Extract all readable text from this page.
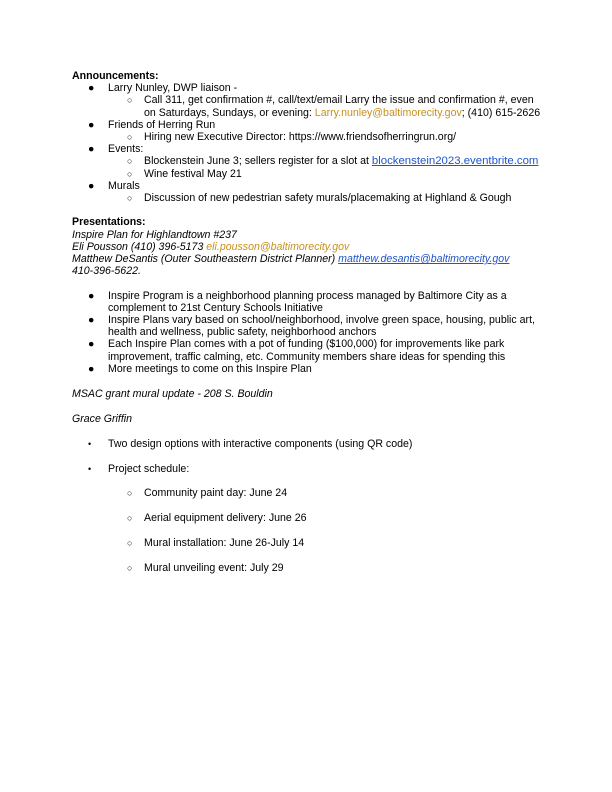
Announcements:
● Larry Nunley, DWP liaison -
○ Call 311, get confirmation #, call/text/email Larry the issue and confirmation #, even on Saturdays, Sundays, or evening: Larry.nunley@baltimorecity.gov; (410) 615-2626
● Friends of Herring Run
○ Hiring new Executive Director: https://www.friendsofherringrun.org/
● Events:
○ Blockenstein June 3; sellers register for a slot at blockenstein2023.eventbrite.com
○ Wine festival May 21
● Murals
○ Discussion of new pedestrian safety murals/placemaking at Highland & Gough
Presentations:
Inspire Plan for Highlandtown #237
Eli Pousson (410) 396-5173 eli.pousson@baltimorecity.gov
Matthew DeSantis (Outer Southeastern District Planner) matthew.desantis@baltimorecity.gov
410-396-5622.
● Inspire Program is a neighborhood planning process managed by Baltimore City as a complement to 21st Century Schools Initiative
● Inspire Plans vary based on school/neighborhood, involve green space, housing, public art, health and wellness, public safety, neighborhood anchors
● Each Inspire Plan comes with a pot of funding ($100,000) for improvements like park improvement, traffic calming, etc. Community members share ideas for spending this
● More meetings to come on this Inspire Plan
MSAC grant mural update - 208 S. Bouldin
Grace Griffin
• Two design options with interactive components (using QR code)
• Project schedule:
○ Community paint day: June 24
○ Aerial equipment delivery: June 26
○ Mural installation: June 26-July 14
○ Mural unveiling event: July 29
